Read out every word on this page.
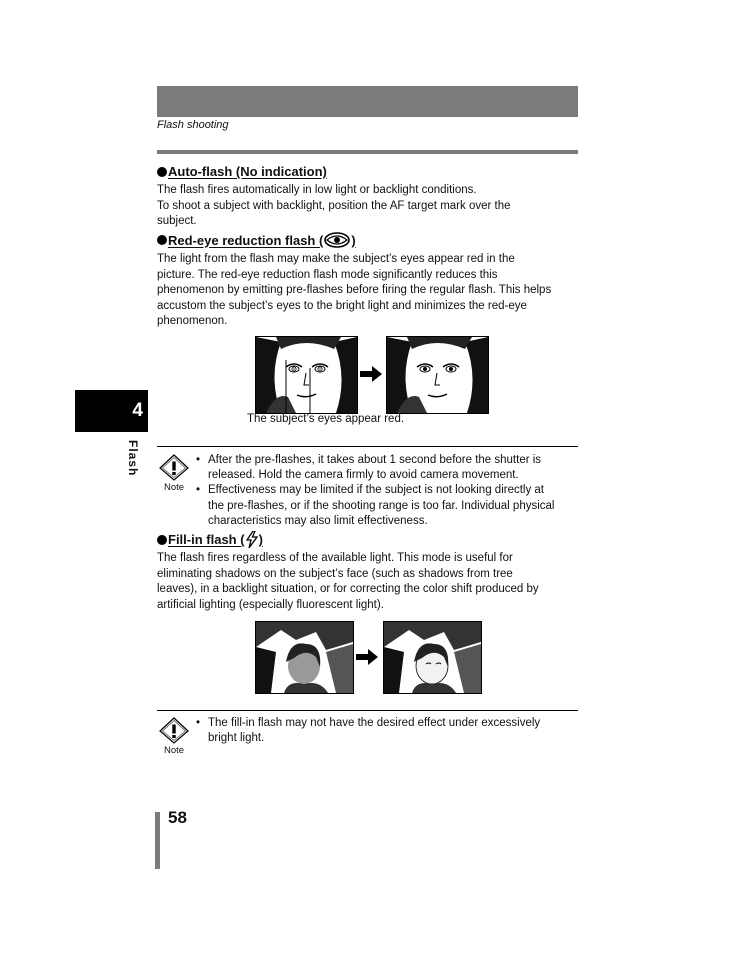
Flash shooting
4
Flash
Auto-flash (No indication)
The flash fires automatically in low light or backlight conditions.
To shoot a subject with backlight, position the AF target mark over the
subject.
Red-eye reduction flash ( )
The light from the flash may make the subject’s eyes appear red in the
picture. The red-eye reduction flash mode significantly reduces this
phenomenon by emitting pre-flashes before firing the regular flash. This helps
accustom the subject’s eyes to the bright light and minimizes the red-eye
phenomenon.
The subject’s eyes appear red.
Note
• After the pre-flashes, it takes about 1 second before the shutter is
released. Hold the camera firmly to avoid camera movement.
• Effectiveness may be limited if the subject is not looking directly at
the pre-flashes, or if the shooting range is too far. Individual physical
characteristics may also limit effectiveness.
Fill-in flash ( )
The flash fires regardless of the available light. This mode is useful for
eliminating shadows on the subject’s face (such as shadows from tree
leaves), in a backlight situation, or for correcting the color shift produced by
artificial lighting (especially fluorescent light).
Note
• The fill-in flash may not have the desired effect under excessively
bright light.
58
